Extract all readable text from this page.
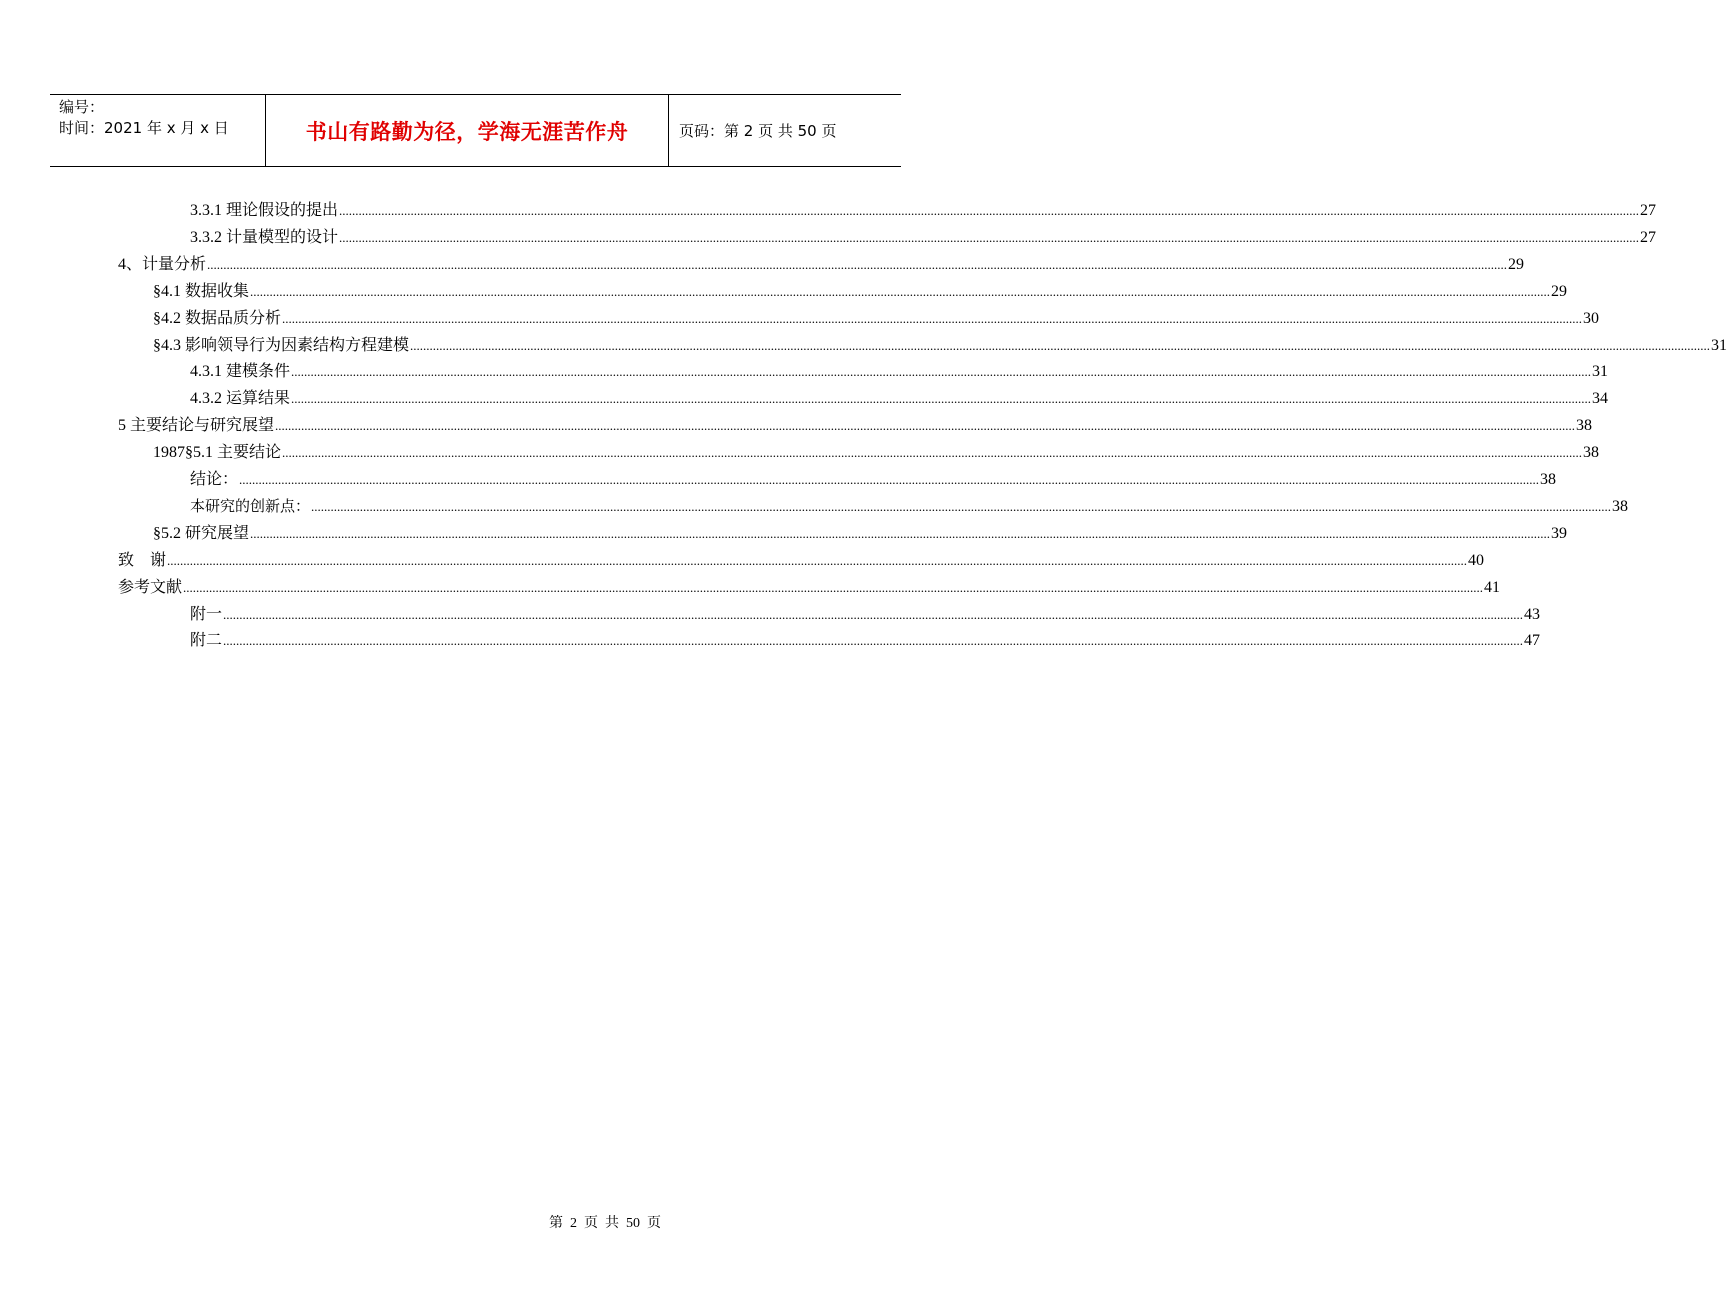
编号：
时间：2021 年 x 月 x 日	书山有路勤为径，学海无涯苦作舟	页码：第 2 页 共 50 页
3.3.1 理论假设的提出 ................................................................................................................................................................................................................................................................................................................................................................................................................ 27
3.3.2 计量模型的设计 ................................................................................................................................................................................................................................................................................................................................................................................................................ 27
4、计量分析 ................................................................................................................................................................................................................................................................................................................................................................................................................ 29
§4.1 数据收集 ................................................................................................................................................................................................................................................................................................................................................................................................................ 29
§4.2 数据品质分析 ................................................................................................................................................................................................................................................................................................................................................................................................................ 30
§4.3 影响领导行为因素结构方程建模 ................................................................................................................................................................................................................................................................................................................................................................................................................ 31
4.3.1 建模条件 ................................................................................................................................................................................................................................................................................................................................................................................................................ 31
4.3.2 运算结果 ................................................................................................................................................................................................................................................................................................................................................................................................................ 34
5 主要结论与研究展望 ................................................................................................................................................................................................................................................................................................................................................................................................................ 38
1987§5.1 主要结论 ................................................................................................................................................................................................................................................................................................................................................................................................................ 38
结论： ................................................................................................................................................................................................................................................................................................................................................................................................................ 38
本研究的创新点： ................................................................................................................................................................................................................................................................................................................................................................................................................ 38
§5.2 研究展望 ................................................................................................................................................................................................................................................................................................................................................................................................................ 39
致    谢 ................................................................................................................................................................................................................................................................................................................................................................................................................ 40
参考文献 ................................................................................................................................................................................................................................................................................................................................................................................................................ 41
附一 ................................................................................................................................................................................................................................................................................................................................................................................................................ 43
附二 ................................................................................................................................................................................................................................................................................................................................................................................................................ 47
第  2  页  共  50  页
